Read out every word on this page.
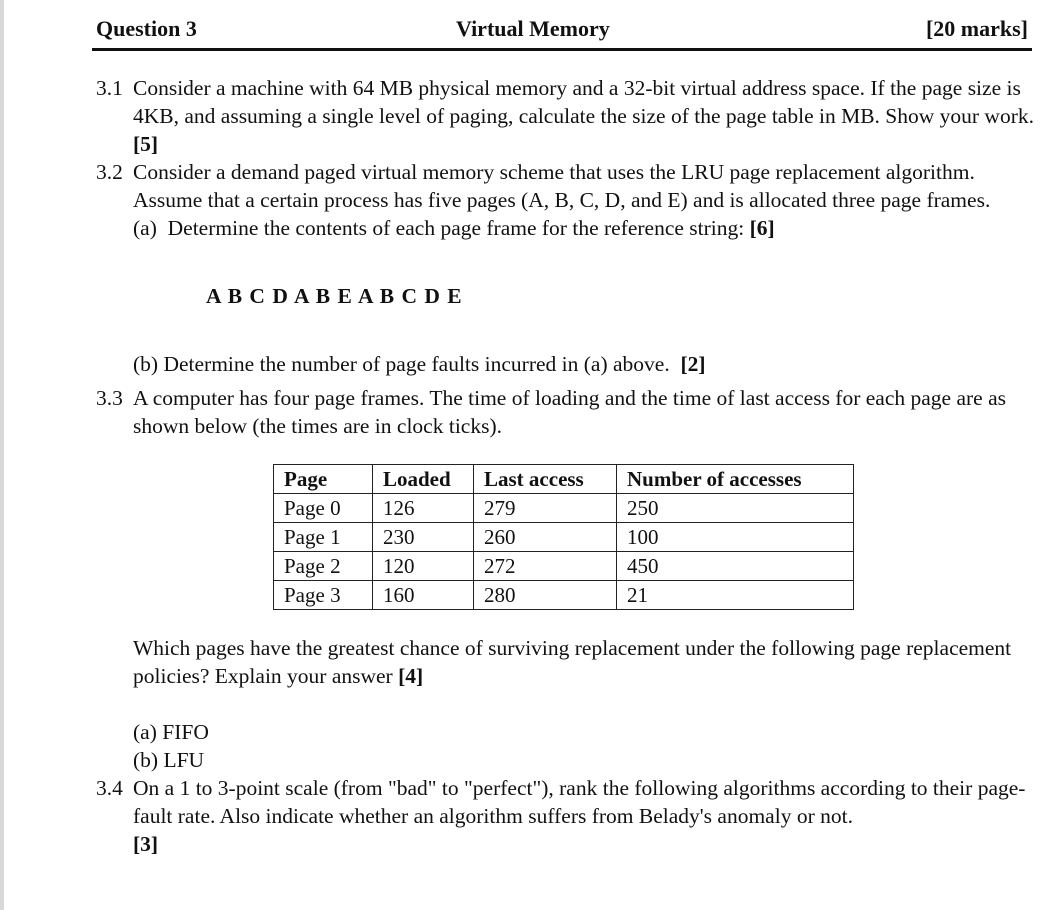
Question 3	Virtual Memory	[20 marks]
3.1 Consider a machine with 64 MB physical memory and a 32-bit virtual address space. If the page size is 4KB, and assuming a single level of paging, calculate the size of the page table in MB. Show your work. [5]
3.2 Consider a demand paged virtual memory scheme that uses the LRU page replacement algorithm. Assume that a certain process has five pages (A, B, C, D, and E) and is allocated three page frames.
(a) Determine the contents of each page frame for the reference string: [6]
A B C D A B E A B C D E
(b) Determine the number of page faults incurred in (a) above. [2]
3.3 A computer has four page frames. The time of loading and the time of last access for each page are as shown below (the times are in clock ticks).
Page	Loaded	Last access	Number of accesses
Page 0	126	279	250
Page 1	230	260	100
Page 2	120	272	450
Page 3	160	280	21
Which pages have the greatest chance of surviving replacement under the following page replacement policies? Explain your answer [4]
(a) FIFO
(b) LFU
3.4 On a 1 to 3-point scale (from "bad" to "perfect"), rank the following algorithms according to their page-fault rate. Also indicate whether an algorithm suffers from Belady's anomaly or not.
[3]
